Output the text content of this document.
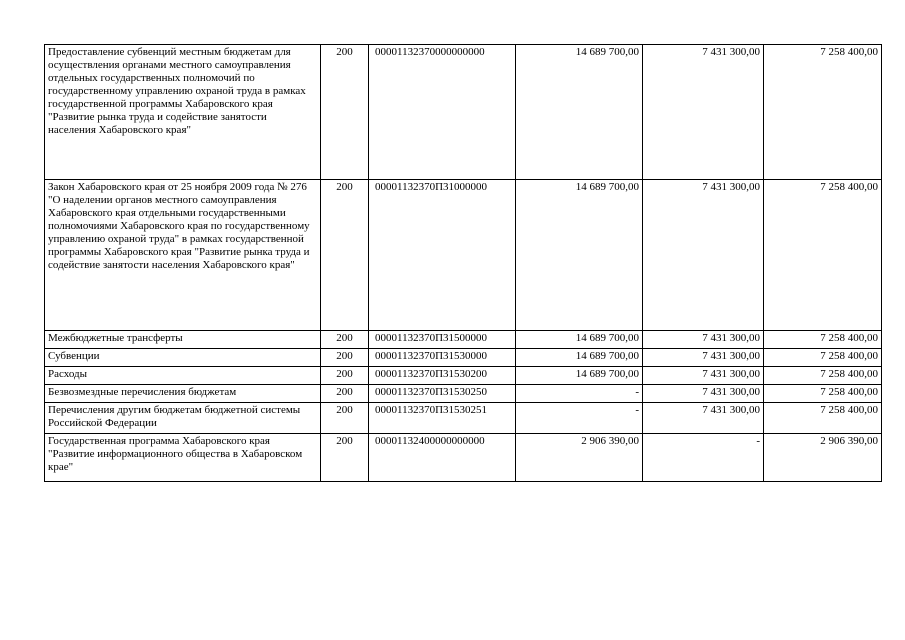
Предоставление субвенций местным бюджетам для осуществления органами местного самоуправления отдельных государственных полномочий по государственному управлению охраной труда в рамках государственной программы Хабаровского края "Развитие рынка труда и содействие занятости населения Хабаровского края"	200	00001132370000000000	14 689 700,00	7 431 300,00	7 258 400,00
Закон Хабаровского края от 25 ноября 2009 года № 276 "О наделении органов местного самоуправления Хабаровского края отдельными государственными полномочиями Хабаровского края по государственному управлению охраной труда" в рамках государственной программы Хабаровского края "Развитие рынка труда и содействие занятости населения Хабаровского края"	200	00001132370П31000000	14 689 700,00	7 431 300,00	7 258 400,00
Межбюджетные трансферты	200	00001132370П31500000	14 689 700,00	7 431 300,00	7 258 400,00
Субвенции	200	00001132370П31530000	14 689 700,00	7 431 300,00	7 258 400,00
Расходы	200	00001132370П31530200	14 689 700,00	7 431 300,00	7 258 400,00
Безвозмездные перечисления бюджетам	200	00001132370П31530250	-	7 431 300,00	7 258 400,00
Перечисления другим бюджетам бюджетной системы Российской Федерации	200	00001132370П31530251	-	7 431 300,00	7 258 400,00
Государственная программа Хабаровского края "Развитие информационного общества в Хабаровском крае"	200	00001132400000000000	2 906 390,00	-	2 906 390,00
